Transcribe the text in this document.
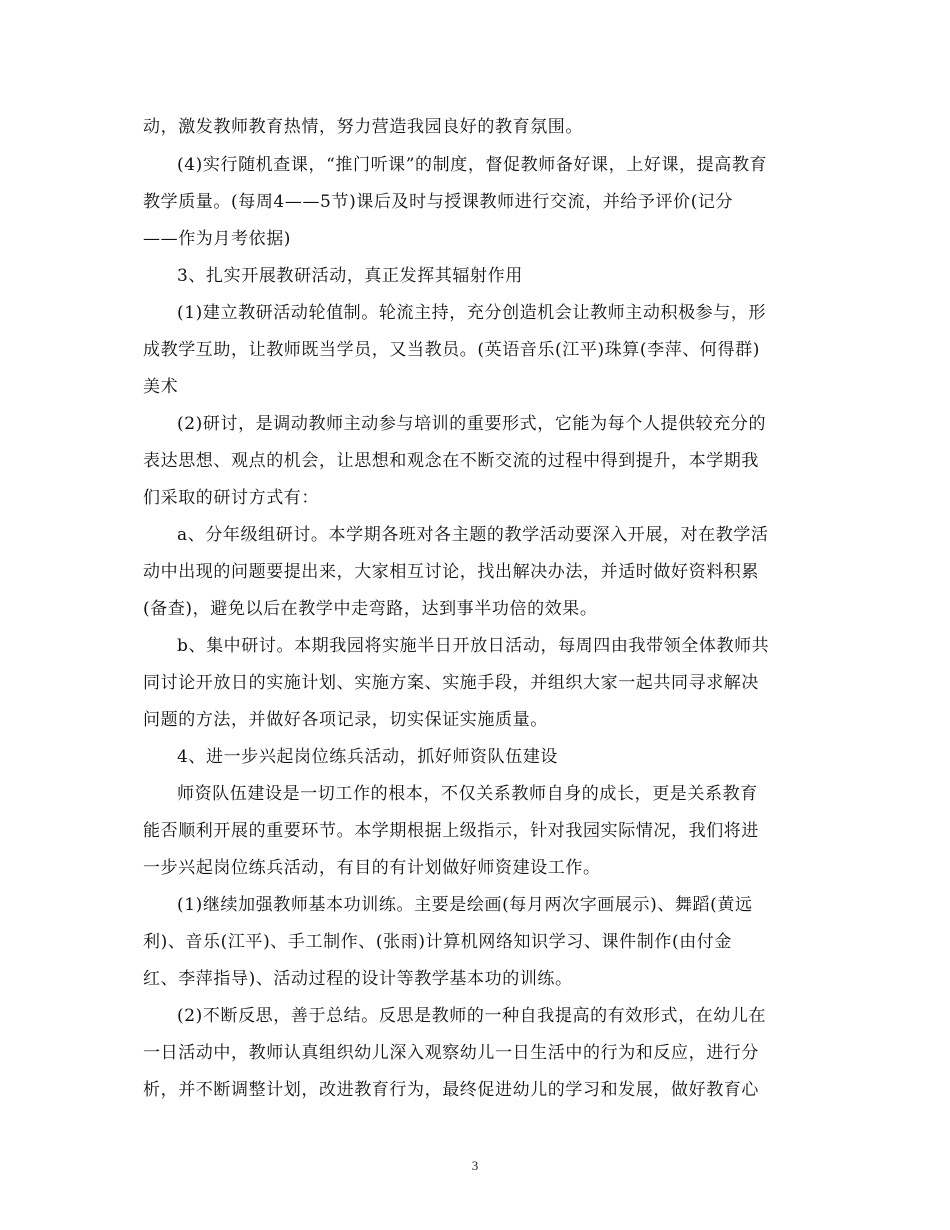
动，激发教师教育热情，努力营造我园良好的教育氛围。
(4)实行随机查课，“推门听课”的制度，督促教师备好课，上好课，提高教育
教学质量。(每周4——5节)课后及时与授课教师进行交流，并给予评价(记分
——作为月考依据)
3、扎实开展教研活动，真正发挥其辐射作用
(1)建立教研活动轮值制。轮流主持，充分创造机会让教师主动积极参与，形
成教学互助，让教师既当学员，又当教员。(英语音乐(江平)珠算(李萍、何得群)
美术
(2)研讨，是调动教师主动参与培训的重要形式，它能为每个人提供较充分的
表达思想、观点的机会，让思想和观念在不断交流的过程中得到提升，本学期我
们采取的研讨方式有：
a、分年级组研讨。本学期各班对各主题的教学活动要深入开展，对在教学活
动中出现的问题要提出来，大家相互讨论，找出解决办法，并适时做好资料积累
(备查)，避免以后在教学中走弯路，达到事半功倍的效果。
b、集中研讨。本期我园将实施半日开放日活动，每周四由我带领全体教师共
同讨论开放日的实施计划、实施方案、实施手段，并组织大家一起共同寻求解决
问题的方法，并做好各项记录，切实保证实施质量。
4、进一步兴起岗位练兵活动，抓好师资队伍建设
师资队伍建设是一切工作的根本，不仅关系教师自身的成长，更是关系教育
能否顺利开展的重要环节。本学期根据上级指示，针对我园实际情况，我们将进
一步兴起岗位练兵活动，有目的有计划做好师资建设工作。
(1)继续加强教师基本功训练。主要是绘画(每月两次字画展示)、舞蹈(黄远
利)、音乐(江平)、手工制作、(张雨)计算机网络知识学习、课件制作(由付金
红、李萍指导)、活动过程的设计等教学基本功的训练。
(2)不断反思，善于总结。反思是教师的一种自我提高的有效形式，在幼儿在
一日活动中，教师认真组织幼儿深入观察幼儿一日生活中的行为和反应，进行分
析，并不断调整计划，改进教育行为，最终促进幼儿的学习和发展，做好教育心
3
